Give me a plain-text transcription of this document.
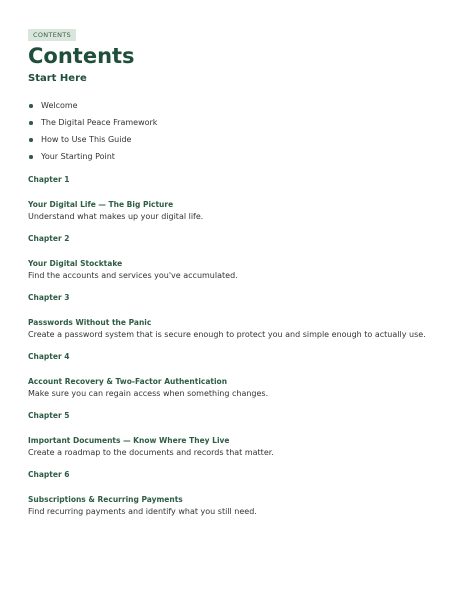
CONTENTS
Contents
Start Here
Welcome
The Digital Peace Framework
How to Use This Guide
Your Starting Point
Chapter 1
Your Digital Life — The Big Picture
Understand what makes up your digital life.
Chapter 2
Your Digital Stocktake
Find the accounts and services you've accumulated.
Chapter 3
Passwords Without the Panic
Create a password system that is secure enough to protect you and simple enough to actually use.
Chapter 4
Account Recovery & Two-Factor Authentication
Make sure you can regain access when something changes.
Chapter 5
Important Documents — Know Where They Live
Create a roadmap to the documents and records that matter.
Chapter 6
Subscriptions & Recurring Payments
Find recurring payments and identify what you still need.
